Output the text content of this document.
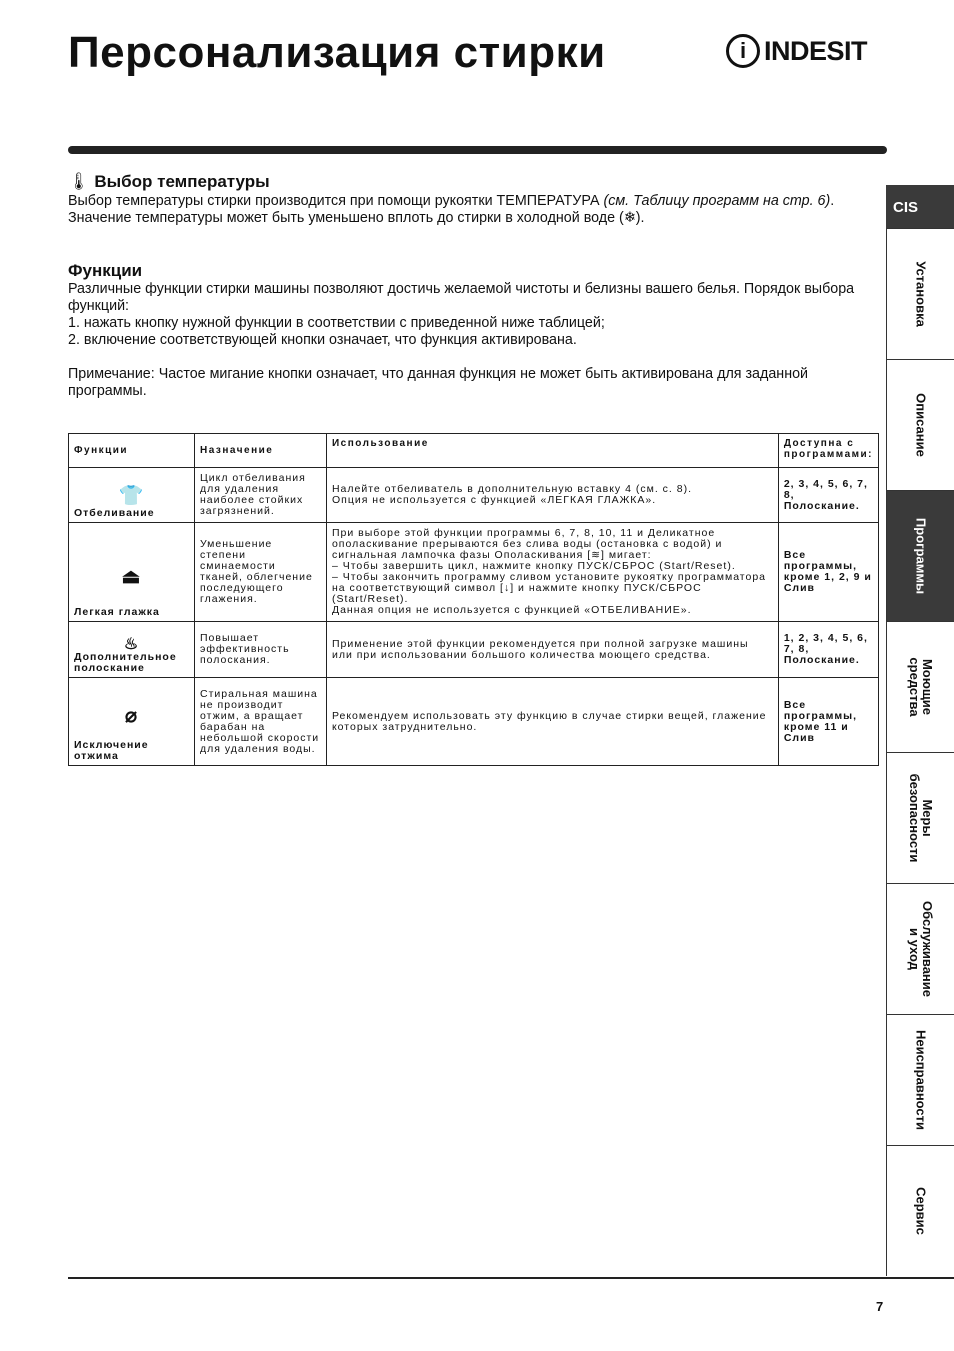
Персонализация стирки	i INDESIT
🌡 Выбор температуры
Выбор температуры стирки производится при помощи рукоятки ТЕМПЕРАТУРА (см. Таблицу программ на стр. 6).
Значение температуры может быть уменьшено вплоть до стирки в холодной воде (❄).
Функции
Различные функции стирки машины позволяют достичь желаемой чистоты и белизны вашего белья. Порядок выбора функций:
1. нажать кнопку нужной функции в соответствии с приведенной ниже таблицей;
2. включение соответствующей кнопки означает, что функция активирована.
Примечание: Частое мигание кнопки означает, что данная функция не может быть активирована для заданной программы.
Функции	Назначение	Использование	Доступна с программами:

👕
Отбеливание	Цикл отбеливания для удаления наиболее стойких загрязнений.	Налейте отбеливатель в дополнительную вставку 4 (см. с. 8).
Опция не используется с функцией «ЛЕГКАЯ ГЛАЖКА».	2, 3, 4, 5, 6, 7, 8, Полоскание.

⏏
Легкая глажка	Уменьшение степени сминаемости тканей, облегчение последующего глажения.	При выборе этой функции программы 6, 7, 8, 10, 11 и Деликатное ополаскивание прерываются без слива воды (остановка с водой) и сигнальная лампочка фазы Ополаскивания [≋] мигает:
– Чтобы завершить цикл, нажмите кнопку ПУСК/СБРОС (Start/Reset).
– Чтобы закончить программу сливом установите рукоятку программатора на соответствующий символ [↓] и нажмите кнопку ПУСК/СБРОС (Start/Reset).
Данная опция не используется с функцией «ОТБЕЛИВАНИЕ».	Все программы, кроме 1, 2, 9 и Слив

♨
Дополнительное полоскание	Повышает эффективность полоскания.	Применение этой функции рекомендуется при полной загрузке машины или при использовании большого количества моющего средства.	1, 2, 3, 4, 5, 6, 7, 8, Полоскание.

⌀
Исключение отжима	Стиральная машина не производит отжим, а вращает барабан на небольшой скорости для удаления воды.	Рекомендуем использовать эту функцию в случае стирки вещей, глажение которых затруднительно.	Все программы, кроме 11 и Слив
CIS
Установка
Описание
Программы
Моющие
средства
Меры
безопасности
Обслуживание
и уход
Неисправности
Сервис
7
